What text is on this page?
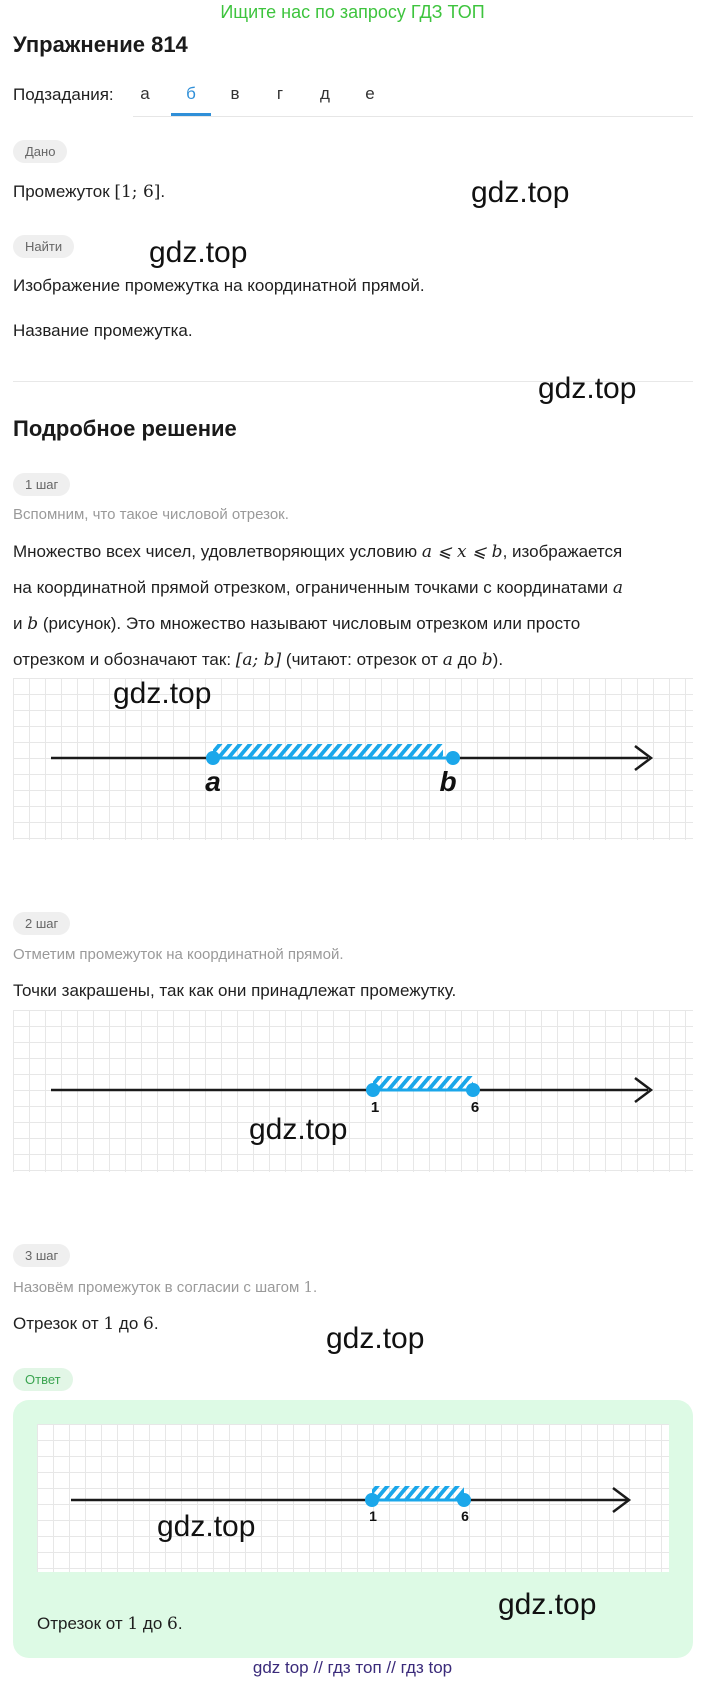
Ищите нас по запросу ГДЗ ТОП
Упражнение 814
Подзадания:	а	б	в	г	д	е
Дано
Промежуток [1; 6].
Найти
Изображение промежутка на координатной прямой.
Название промежутка.
Подробное решение
1 шаг
Вспомним, что такое числовой отрезок.
Множество всех чисел, удовлетворяющих условию a ⩽ x ⩽ b, изображается
на координатной прямой отрезком, ограниченным точками с координатами a
и b (рисунок). Это множество называют числовым отрезком или просто
отрезком и обозначают так: [a; b] (читают: отрезок от a до b).
a	b
2 шаг
Отметим промежуток на координатной прямой.
Точки закрашены, так как они принадлежат промежутку.
1	6
3 шаг
Назовём промежуток в согласии с шагом 1.
Отрезок от 1 до 6.
Ответ
1	6
Отрезок от 1 до 6.
gdz.top
gdz.top
gdz.top
gdz.top
gdz.top
gdz.top
gdz.top
gdz.top
gdz top // гдз топ // гдз top
